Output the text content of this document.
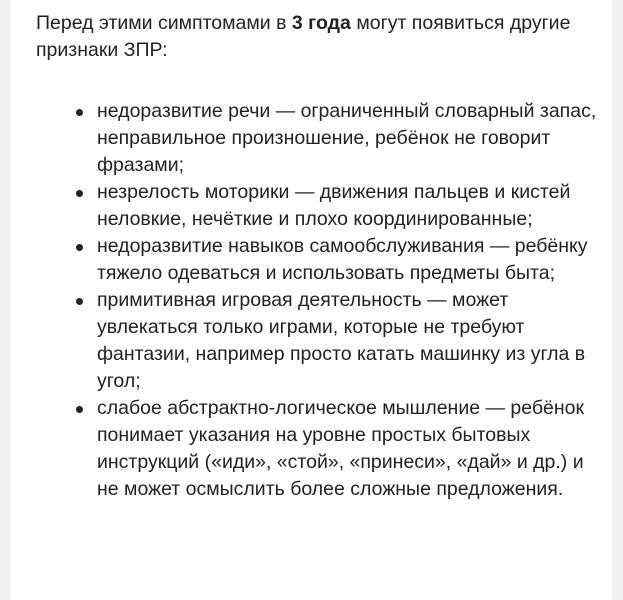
Перед этими симптомами в 3 года могут появиться другие признаки ЗПР:

недоразвитие речи — ограниченный словарный запас, неправильное произношение, ребёнок не говорит фразами;
незрелость моторики — движения пальцев и кистей неловкие, нечёткие и плохо координированные;
недоразвитие навыков самообслуживания — ребёнку тяжело одеваться и использовать предметы быта;
примитивная игровая деятельность — может увлекаться только играми, которые не требуют фантазии, например просто катать машинку из угла в угол;
слабое абстрактно-логическое мышление — ребёнок понимает указания на уровне простых бытовых инструкций («иди», «стой», «принеси», «дай» и др.) и не может осмыслить более сложные предложения.
